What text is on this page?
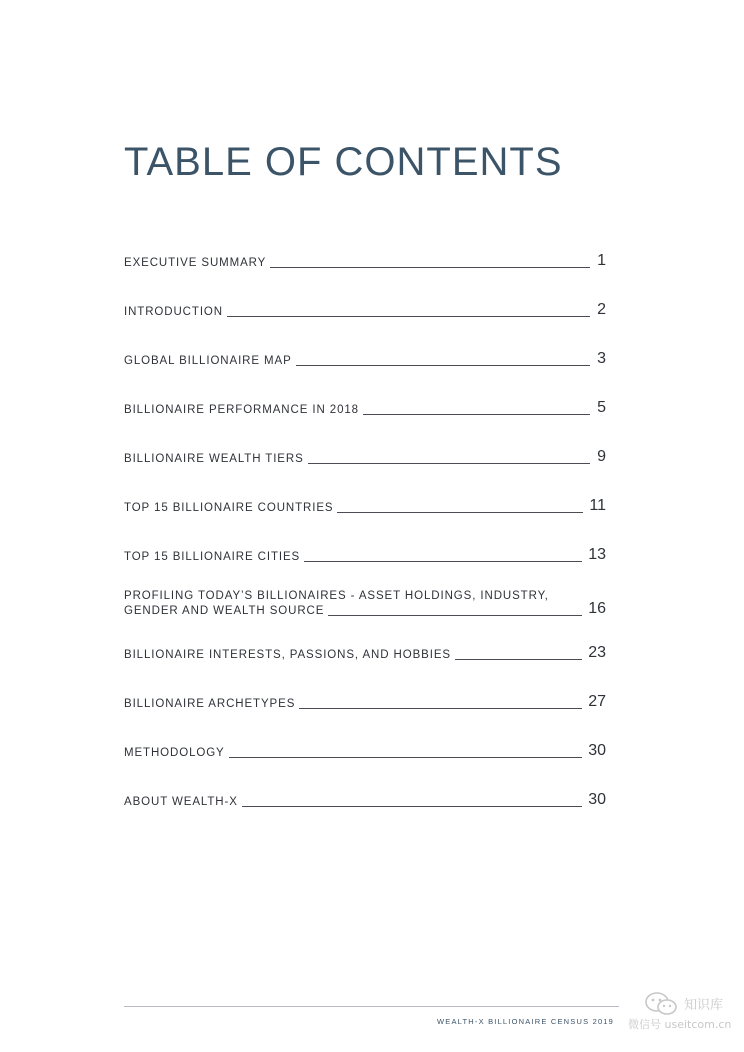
TABLE OF CONTENTS
EXECUTIVE SUMMARY	1
INTRODUCTION	2
GLOBAL BILLIONAIRE MAP	3
BILLIONAIRE PERFORMANCE IN 2018	5
BILLIONAIRE WEALTH TIERS	9
TOP 15 BILLIONAIRE COUNTRIES	11
TOP 15 BILLIONAIRE CITIES	13
PROFILING TODAY’S BILLIONAIRES - ASSET HOLDINGS, INDUSTRY,
GENDER AND WEALTH SOURCE	16
BILLIONAIRE INTERESTS, PASSIONS, AND HOBBIES	23
BILLIONAIRE ARCHETYPES	27
METHODOLOGY	30
ABOUT WEALTH-X	30
WEALTH-X BILLIONAIRE CENSUS 2019
知识库
微信号 useitcom.cn
